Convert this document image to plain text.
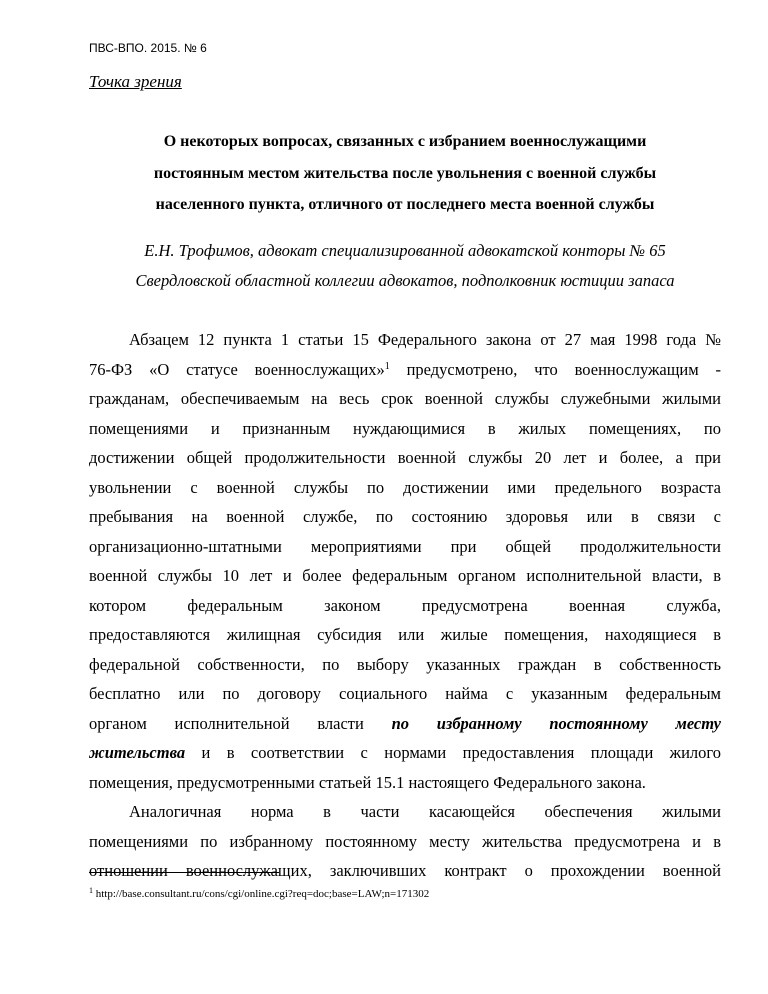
ПВС-ВПО. 2015. № 6
Точка зрения
О некоторых вопросах, связанных с избранием военнослужащими
постоянным местом жительства после увольнения с военной службы
населенного пункта, отличного от последнего места военной службы
Е.Н. Трофимов, адвокат специализированной адвокатской конторы № 65
Свердловской областной коллегии адвокатов, подполковник юстиции запаса
Абзацем 12 пункта 1 статьи 15 Федерального закона от 27 мая 1998 года №
76-ФЗ «О статусе военнослужащих»$^1$ предусмотрено, что военнослужащим -
гражданам, обеспечиваемым на весь срок военной службы служебными жилыми
помещениями и признанным нуждающимися в жилых помещениях, по
достижении общей продолжительности военной службы 20 лет и более, а при
увольнении с военной службы по достижении ими предельного возраста
пребывания на военной службе, по состоянию здоровья или в связи с
организационно-штатными мероприятиями при общей продолжительности
военной службы 10 лет и более федеральным органом исполнительной власти, в
котором федеральным законом предусмотрена военная служба,
предоставляются жилищная субсидия или жилые помещения, находящиеся в
федеральной собственности, по выбору указанных граждан в собственность
бесплатно или по договору социального найма с указанным федеральным
органом исполнительной власти по избранному постоянному месту
жительства и в соответствии с нормами предоставления площади жилого
помещения, предусмотренными статьей 15.1 настоящего Федерального закона.
Аналогичная норма в части касающейся обеспечения жилыми
помещениями по избранному постоянному месту жительства предусмотрена и в
отношении военнослужащих, заключивших контракт о прохождении военной
$^1$ http://base.consultant.ru/cons/cgi/online.cgi?req=doc;base=LAW;n=171302
